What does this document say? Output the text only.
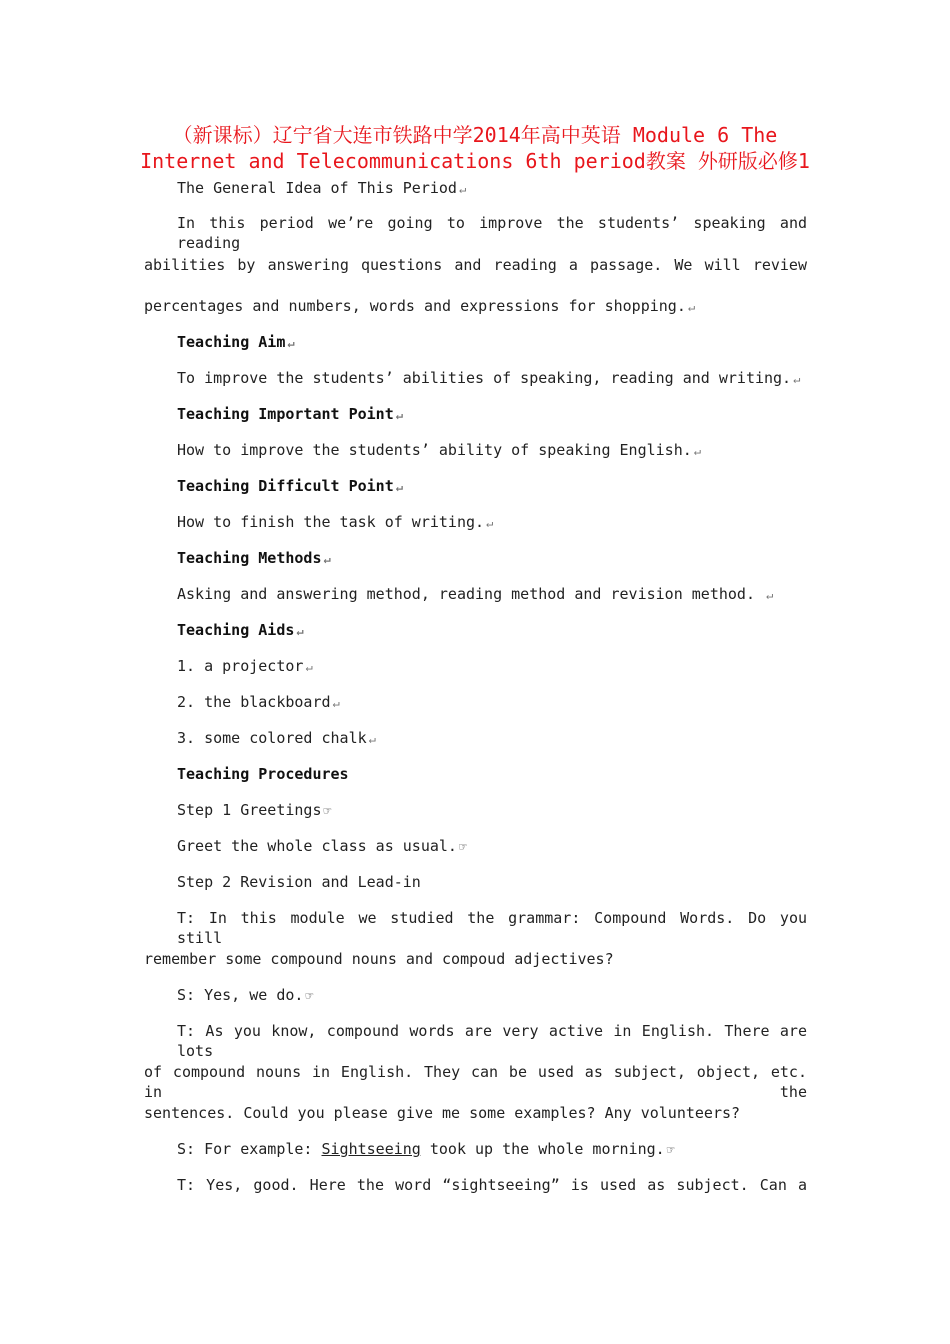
（新课标）辽宁省大连市铁路中学2014年高中英语 Module 6 The
Internet and Telecommunications 6th period教案 外研版必修1
The General Idea of This Period ↵
In this period we’re going to improve the students’ speaking and reading
abilities by answering questions and reading a passage. We will review
percentages and numbers, words and expressions for shopping. ↵
Teaching Aim ↵
To improve the students’ abilities of speaking, reading and writing. ↵
Teaching Important Point ↵
How to improve the students’ ability of speaking English. ↵
Teaching Difficult Point ↵
How to finish the task of writing. ↵
Teaching Methods ↵
Asking and answering method, reading method and revision method. ↵
Teaching Aids ↵
1. a projector ↵
2. the blackboard ↵
3. some colored chalk ↵
Teaching Procedures
Step 1 Greetings ☞
Greet the whole class as usual. ☞
Step 2 Revision and Lead-in
T: In this module we studied the grammar: Compound Words. Do you still
remember some compound nouns and compoud adjectives?
S: Yes, we do. ☞
T: As you know, compound words are very active in English. There are lots
of compound nouns in English. They can be used as subject, object, etc. in the
sentences. Could you please give me some examples? Any volunteers?
S: For example: Sightseeing took up the whole morning. ☞
T: Yes, good. Here the word “sightseeing” is used as subject. Can a
